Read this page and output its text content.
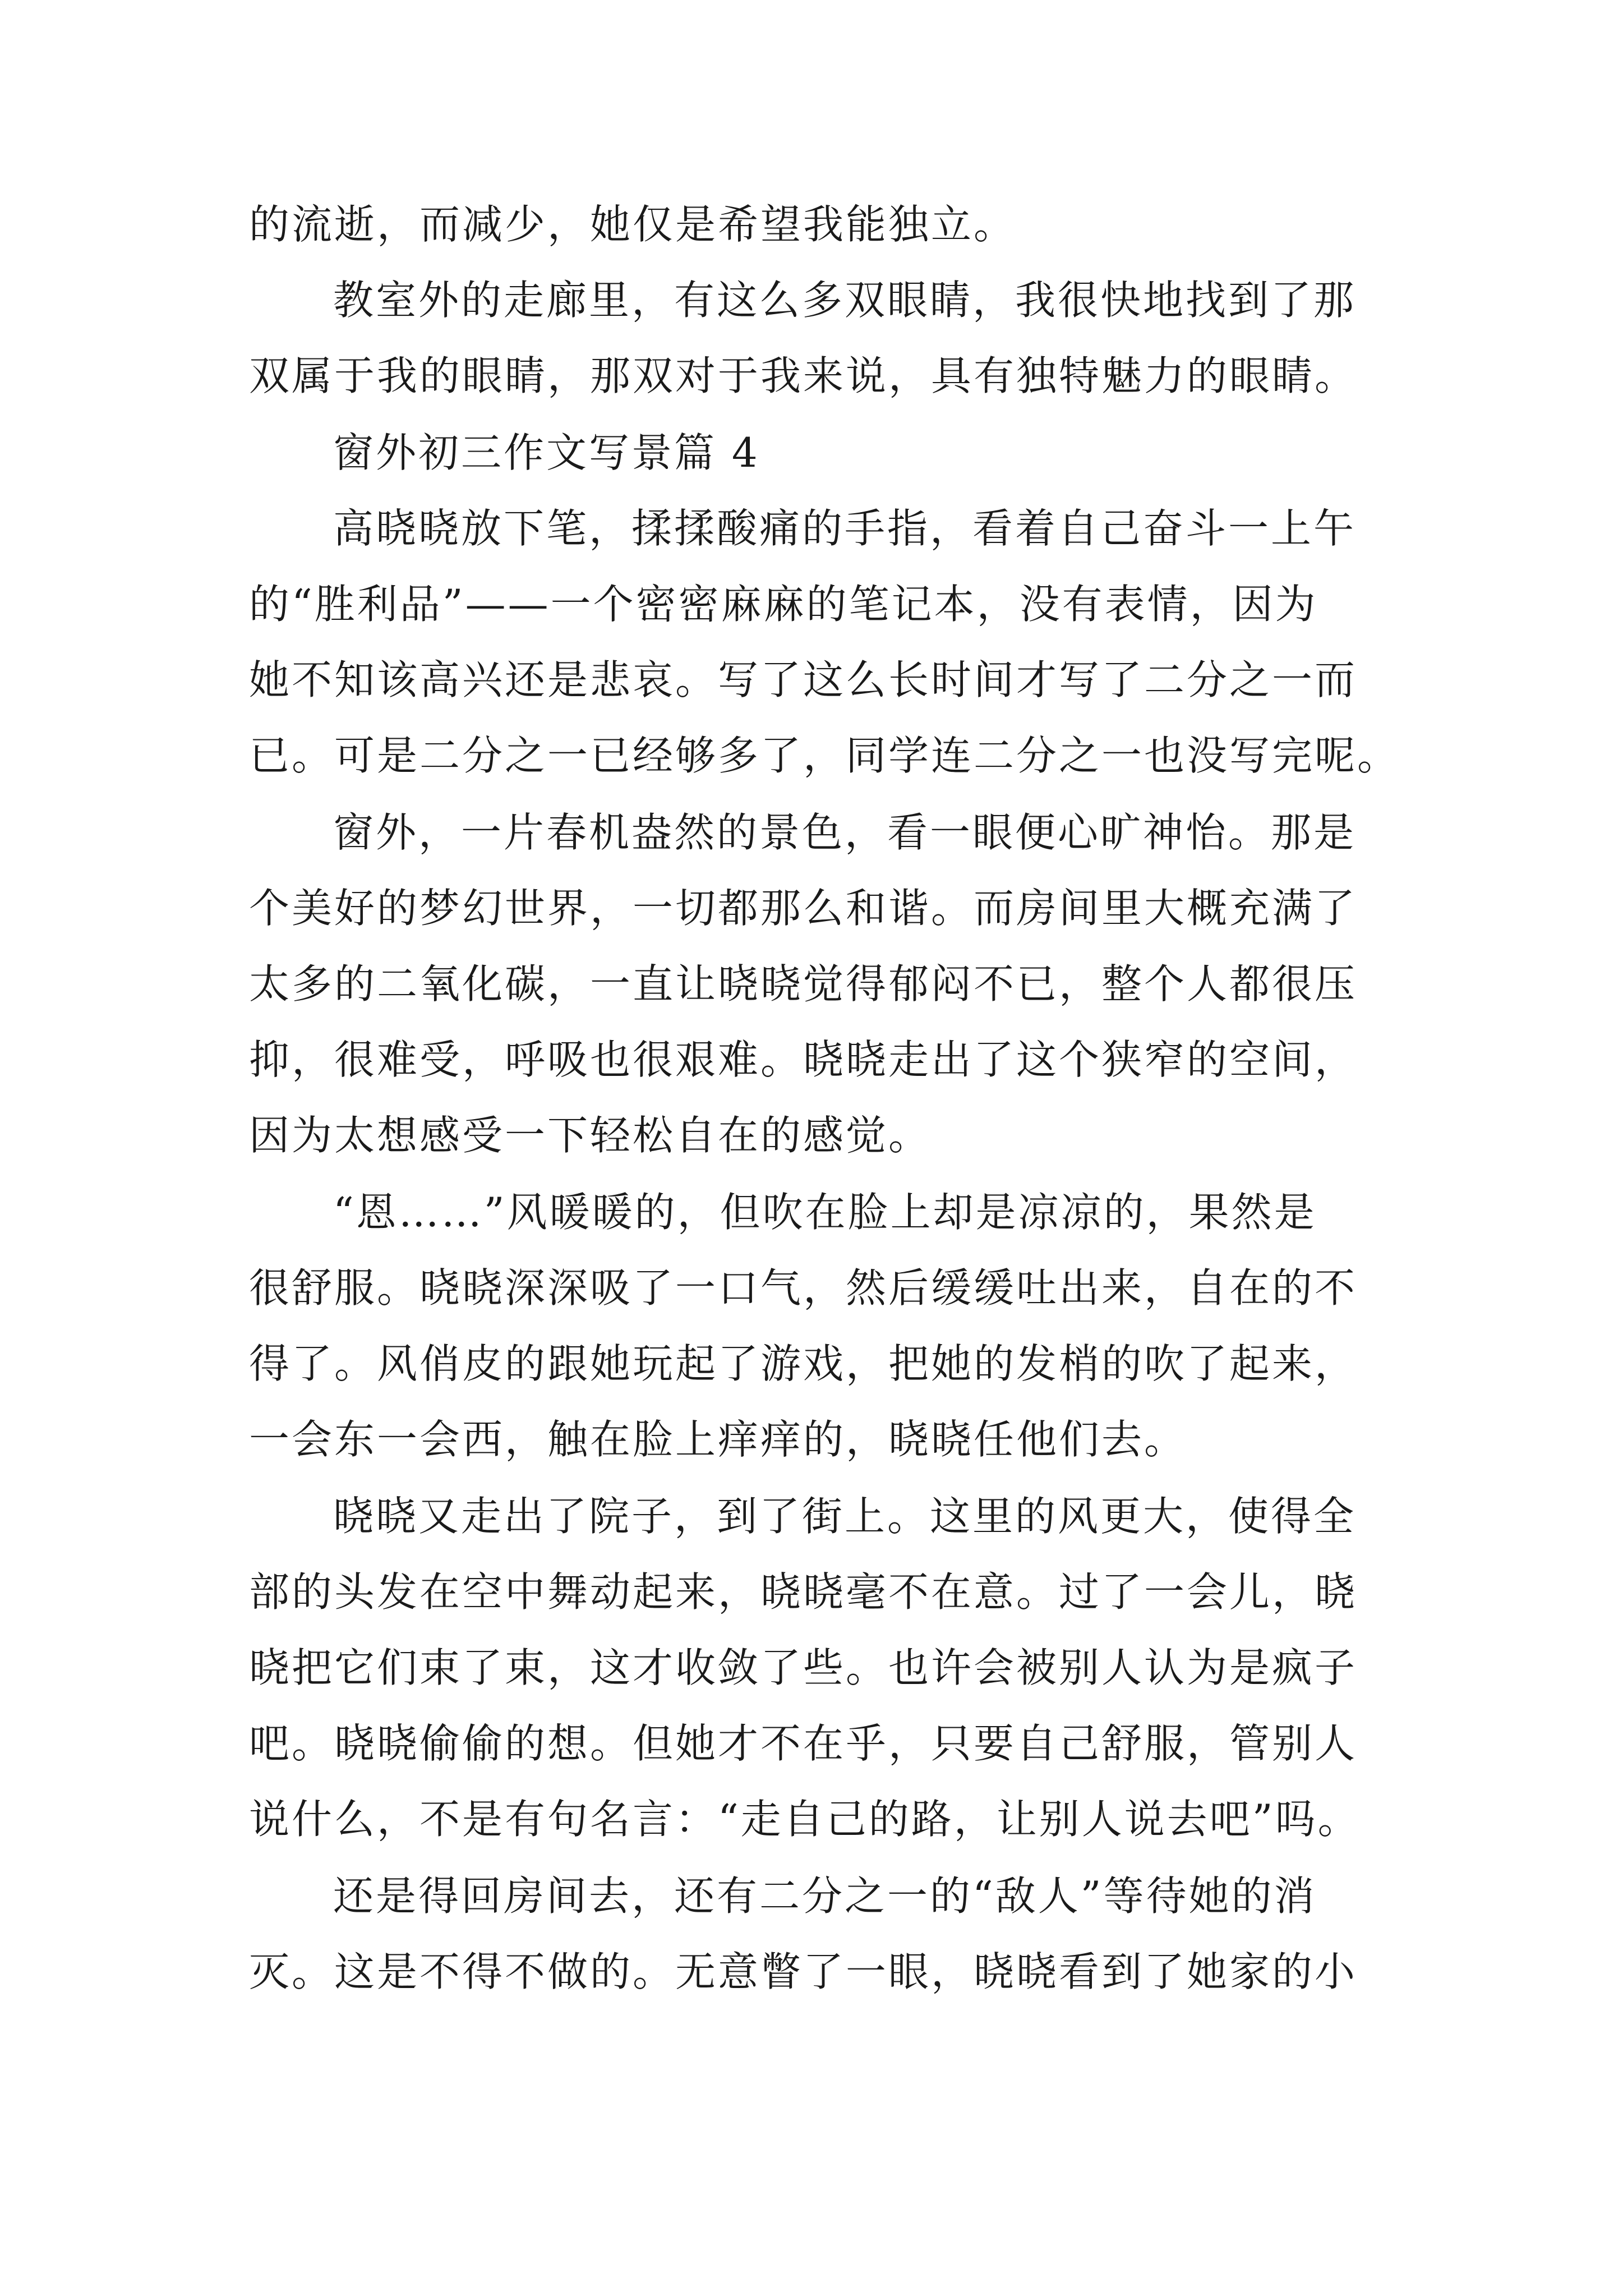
的流逝，而减少，她仅是希望我能独立。
教室外的走廊里，有这么多双眼睛，我很快地找到了那
双属于我的眼睛，那双对于我来说，具有独特魅力的眼睛。
窗外初三作文写景篇 4
高晓晓放下笔，揉揉酸痛的手指，看着自己奋斗一上午
的“胜利品”——一个密密麻麻的笔记本，没有表情，因为
她不知该高兴还是悲哀。写了这么长时间才写了二分之一而
已。可是二分之一已经够多了，同学连二分之一也没写完呢。
窗外，一片春机盎然的景色，看一眼便心旷神怡。那是
个美好的梦幻世界，一切都那么和谐。而房间里大概充满了
太多的二氧化碳，一直让晓晓觉得郁闷不已，整个人都很压
抑，很难受，呼吸也很艰难。晓晓走出了这个狭窄的空间，
因为太想感受一下轻松自在的感觉。
“恩……”风暖暖的，但吹在脸上却是凉凉的，果然是
很舒服。晓晓深深吸了一口气，然后缓缓吐出来，自在的不
得了。风俏皮的跟她玩起了游戏，把她的发梢的吹了起来，
一会东一会西，触在脸上痒痒的，晓晓任他们去。
晓晓又走出了院子，到了街上。这里的风更大，使得全
部的头发在空中舞动起来，晓晓毫不在意。过了一会儿，晓
晓把它们束了束，这才收敛了些。也许会被别人认为是疯子
吧。晓晓偷偷的想。但她才不在乎，只要自己舒服，管别人
说什么，不是有句名言：“走自己的路，让别人说去吧”吗。
还是得回房间去，还有二分之一的“敌人”等待她的消
灭。这是不得不做的。无意瞥了一眼，晓晓看到了她家的小
